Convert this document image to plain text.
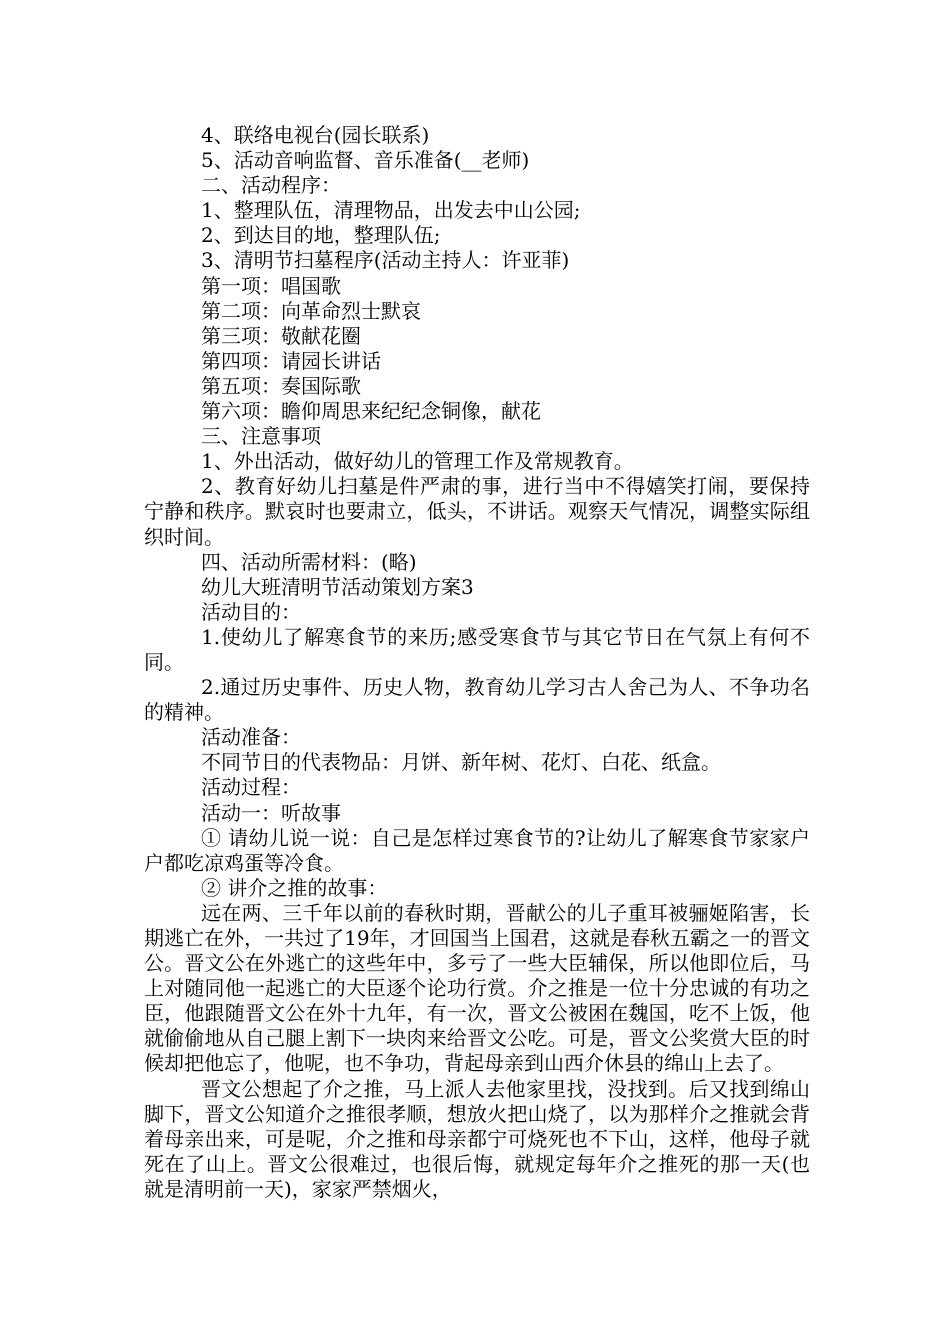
4、联络电视台(园长联系)

5、活动音响监督、音乐准备(__老师)

二、活动程序：

1、整理队伍，清理物品，出发去中山公园;

2、到达目的地，整理队伍;

3、清明节扫墓程序(活动主持人：许亚菲)

第一项：唱国歌

第二项：向革命烈士默哀

第三项：敬献花圈

第四项：请园长讲话

第五项：奏国际歌

第六项：瞻仰周思来纪纪念铜像，献花

三、注意事项

1、外出活动，做好幼儿的管理工作及常规教育。

2、教育好幼儿扫墓是件严肃的事，进行当中不得嬉笑打闹，要保持宁静和秩序。默哀时也要肃立，低头，不讲话。观察天气情况，调整实际组织时间。

四、活动所需材料：(略)

幼儿大班清明节活动策划方案3

活动目的：

1.使幼儿了解寒食节的来历;感受寒食节与其它节日在气氛上有何不同。

2.通过历史事件、历史人物，教育幼儿学习古人舍己为人、不争功名的精神。

活动准备：

不同节日的代表物品：月饼、新年树、花灯、白花、纸盒。

活动过程：

活动一：听故事

① 请幼儿说一说：自己是怎样过寒食节的?让幼儿了解寒食节家家户户都吃凉鸡蛋等冷食。

② 讲介之推的故事：

远在两、三千年以前的春秋时期，晋献公的儿子重耳被骊姬陷害，长期逃亡在外，一共过了19年，才回国当上国君，这就是春秋五霸之一的晋文公。晋文公在外逃亡的这些年中，多亏了一些大臣辅保，所以他即位后，马上对随同他一起逃亡的大臣逐个论功行赏。介之推是一位十分忠诚的有功之臣，他跟随晋文公在外十九年，有一次，晋文公被困在魏国，吃不上饭，他就偷偷地从自己腿上割下一块肉来给晋文公吃。可是，晋文公奖赏大臣的时候却把他忘了，他呢，也不争功，背起母亲到山西介休县的绵山上去了。

晋文公想起了介之推，马上派人去他家里找，没找到。后又找到绵山脚下，晋文公知道介之推很孝顺，想放火把山烧了，以为那样介之推就会背着母亲出来，可是呢，介之推和母亲都宁可烧死也不下山，这样，他母子就死在了山上。晋文公很难过，也很后悔，就规定每年介之推死的那一天(也就是清明前一天)，家家严禁烟火，
